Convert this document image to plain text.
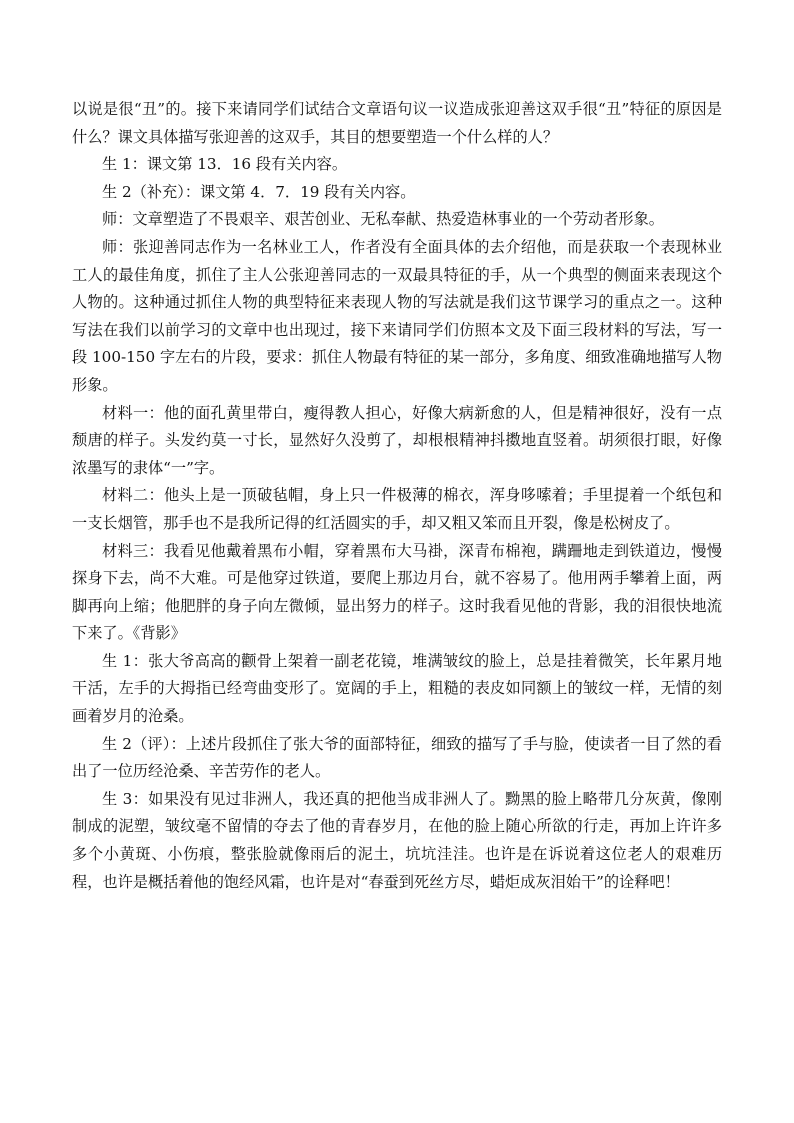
以说是很“丑”的。接下来请同学们试结合文章语句议一议造成张迎善这双手很“丑”特征的原因是什么？课文具体描写张迎善的这双手，其目的想要塑造一个什么样的人？

生 1：课文第 13．16 段有关内容。

生 2（补充）：课文第 4．7．19 段有关内容。

师：文章塑造了不畏艰辛、艰苦创业、无私奉献、热爱造林事业的一个劳动者形象。

师：张迎善同志作为一名林业工人，作者没有全面具体的去介绍他，而是获取一个表现林业工人的最佳角度，抓住了主人公张迎善同志的一双最具特征的手，从一个典型的侧面来表现这个人物的。这种通过抓住人物的典型特征来表现人物的写法就是我们这节课学习的重点之一。这种写法在我们以前学习的文章中也出现过，接下来请同学们仿照本文及下面三段材料的写法，写一段 100-150 字左右的片段，要求：抓住人物最有特征的某一部分，多角度、细致准确地描写人物形象。

材料一：他的面孔黄里带白，瘦得教人担心，好像大病新愈的人，但是精神很好，没有一点颓唐的样子。头发约莫一寸长，显然好久没剪了，却根根精神抖擞地直竖着。胡须很打眼，好像浓墨写的隶体“一”字。

材料二：他头上是一顶破毡帽，身上只一件极薄的棉衣，浑身哆嗦着；手里提着一个纸包和一支长烟管，那手也不是我所记得的红活圆实的手，却又粗又笨而且开裂，像是松树皮了。

材料三：我看见他戴着黑布小帽，穿着黑布大马褂，深青布棉袍，蹒跚地走到铁道边，慢慢探身下去，尚不大难。可是他穿过铁道，要爬上那边月台，就不容易了。他用两手攀着上面，两脚再向上缩；他肥胖的身子向左微倾，显出努力的样子。这时我看见他的背影，我的泪很快地流下来了。《背影》

生 1：张大爷高高的颧骨上架着一副老花镜，堆满皱纹的脸上，总是挂着微笑，长年累月地干活，左手的大拇指已经弯曲变形了。宽阔的手上，粗糙的表皮如同额上的皱纹一样，无情的刻画着岁月的沧桑。

生 2（评）：上述片段抓住了张大爷的面部特征，细致的描写了手与脸，使读者一目了然的看出了一位历经沧桑、辛苦劳作的老人。

生 3：如果没有见过非洲人，我还真的把他当成非洲人了。黝黑的脸上略带几分灰黄，像刚制成的泥塑，皱纹毫不留情的夺去了他的青春岁月，在他的脸上随心所欲的行走，再加上许许多多个小黄斑、小伤痕，整张脸就像雨后的泥土，坑坑洼洼。也许是在诉说着这位老人的艰难历程，也许是概括着他的饱经风霜，也许是对“春蚕到死丝方尽，蜡炬成灰泪始干”的诠释吧！
